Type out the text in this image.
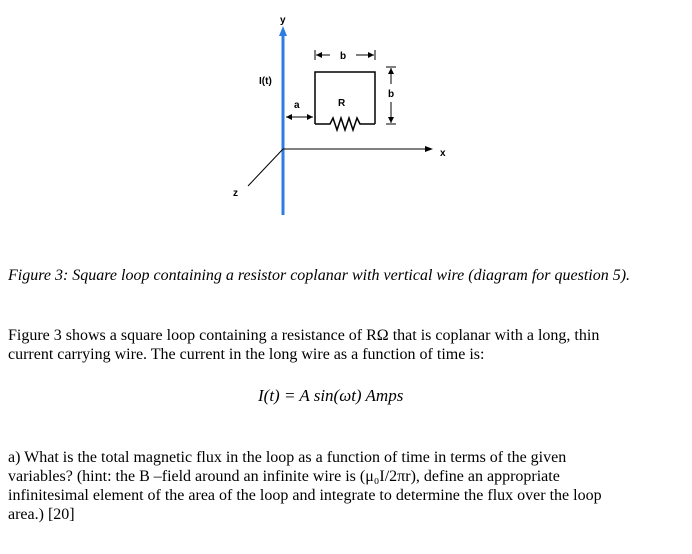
y
x
z
I(t)
b
b
a	R
Figure 3: Square loop containing a resistor coplanar with vertical wire (diagram for question 5).
Figure 3 shows a square loop containing a resistance of RΩ that is coplanar with a long, thin
current carrying wire. The current in the long wire as a function of time is:
I(t) = A sin(ωt) Amps
a) What is the total magnetic flux in the loop as a function of time in terms of the given
variables? (hint: the B –field around an infinite wire is (μ₀I/2πr), define an appropriate
infinitesimal element of the area of the loop and integrate to determine the flux over the loop
area.) [20]
